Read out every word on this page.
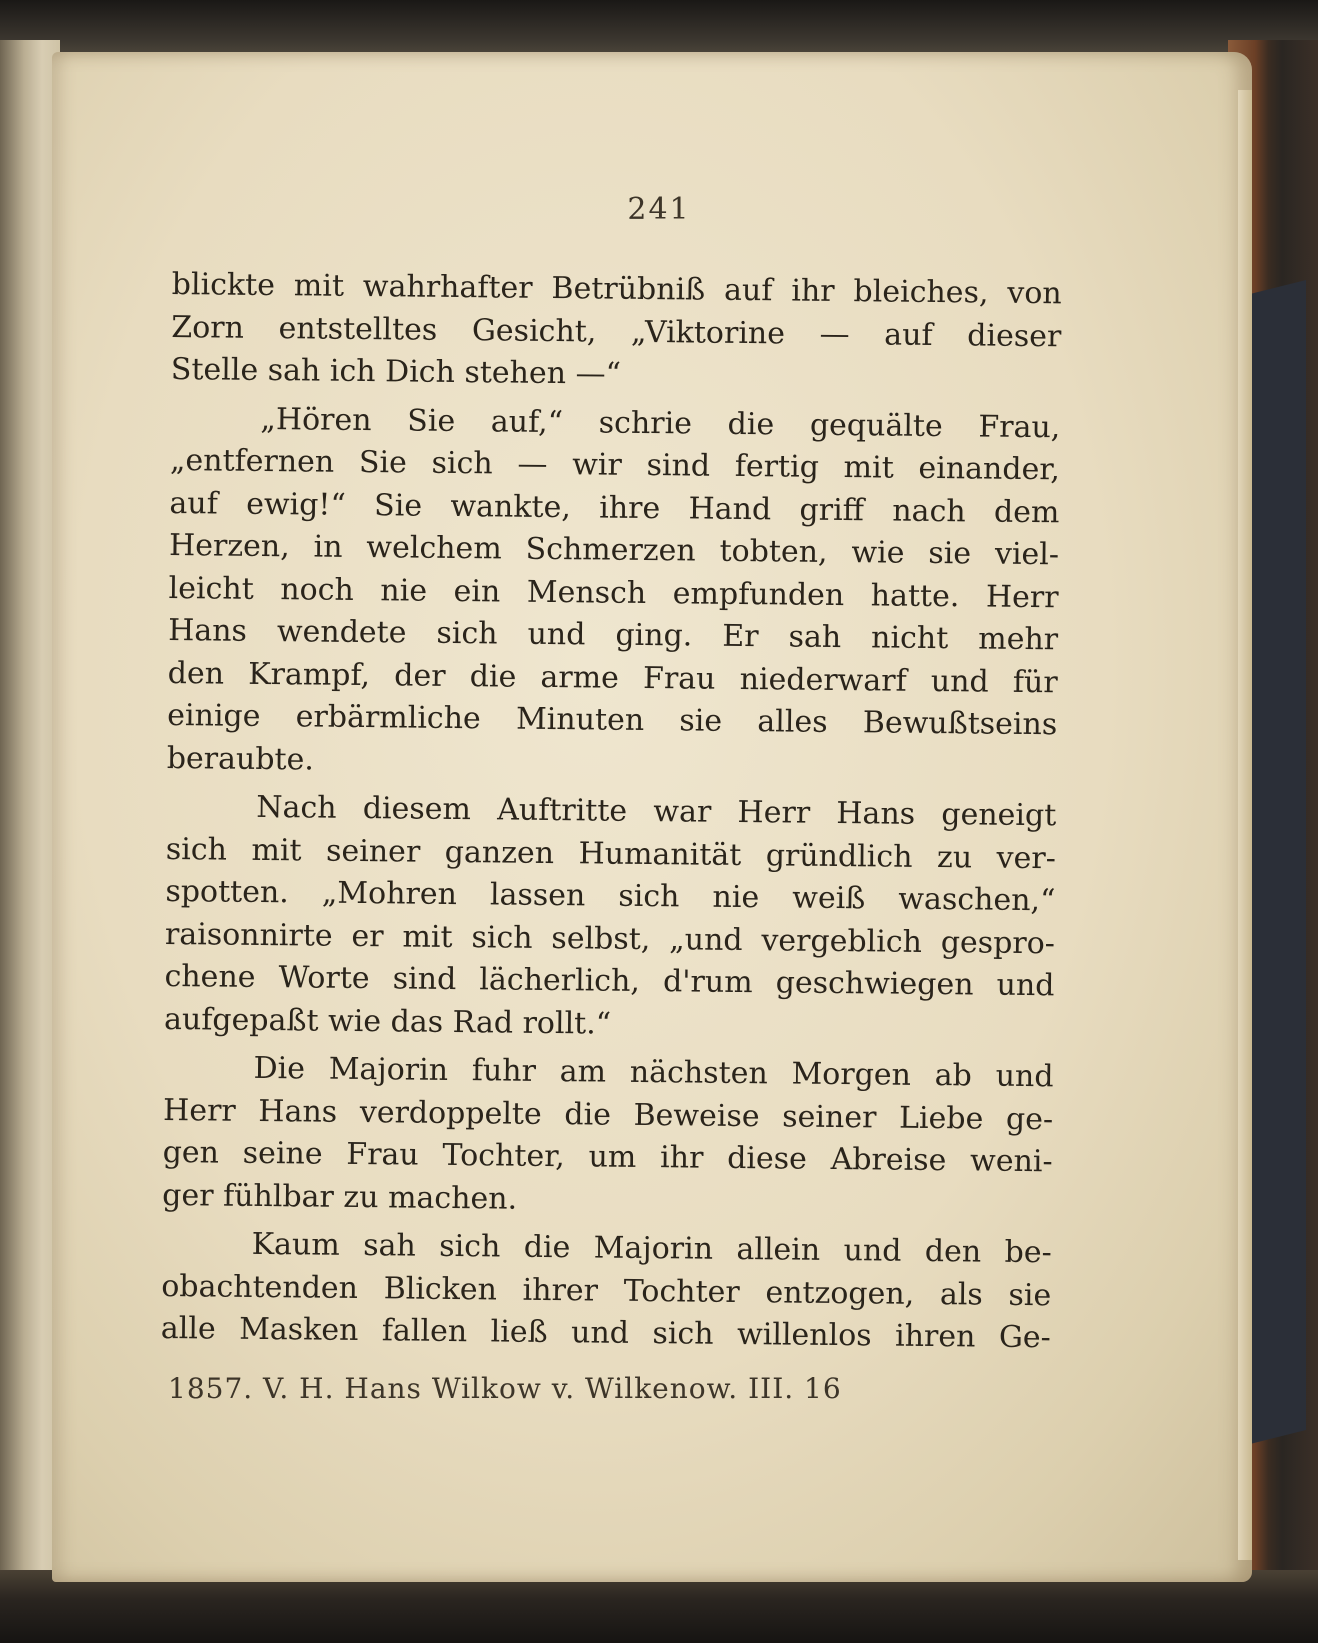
241
blickte mit wahrhafter Betrübniß auf ihr bleiches, von
Zorn entstelltes Gesicht, „Viktorine — auf dieser
Stelle sah ich Dich stehen —“
„Hören Sie auf,“ schrie die gequälte Frau,
„entfernen Sie sich — wir sind fertig mit einander,
auf ewig!“ Sie wankte, ihre Hand griff nach dem
Herzen, in welchem Schmerzen tobten, wie sie viel-
leicht noch nie ein Mensch empfunden hatte. Herr
Hans wendete sich und ging. Er sah nicht mehr
den Krampf, der die arme Frau niederwarf und für
einige erbärmliche Minuten sie alles Bewußtseins
beraubte.
Nach diesem Auftritte war Herr Hans geneigt
sich mit seiner ganzen Humanität gründlich zu ver-
spotten. „Mohren lassen sich nie weiß waschen,“
raisonnirte er mit sich selbst, „und vergeblich gespro-
chene Worte sind lächerlich, d'rum geschwiegen und
aufgepaßt wie das Rad rollt.“
Die Majorin fuhr am nächsten Morgen ab und
Herr Hans verdoppelte die Beweise seiner Liebe ge-
gen seine Frau Tochter, um ihr diese Abreise weni-
ger fühlbar zu machen.
Kaum sah sich die Majorin allein und den be-
obachtenden Blicken ihrer Tochter entzogen, als sie
alle Masken fallen ließ und sich willenlos ihren Ge-
1857. V. H. Hans Wilkow v. Wilkenow. III. 16
